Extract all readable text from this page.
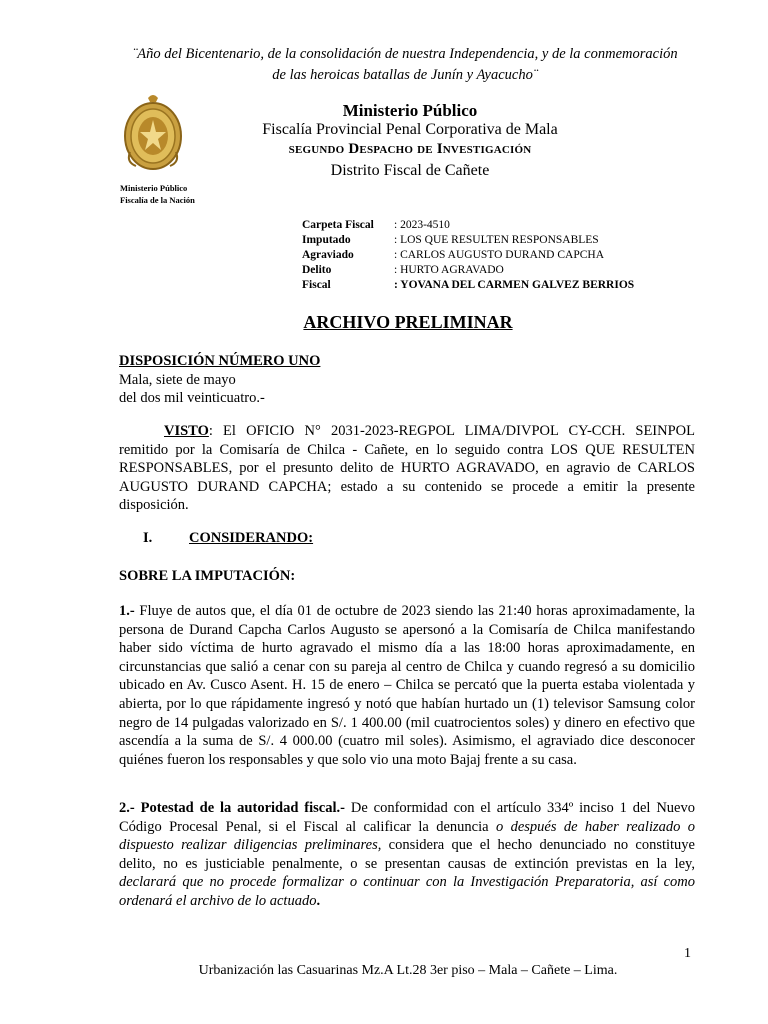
¨Año del Bicentenario, de la consolidación de nuestra Independencia, y de la conmemoración
de las heroicas batallas de Junín y Ayacucho¨
Ministerio Público
Fiscalía de la Nación
Ministerio Público
Fiscalía Provincial Penal Corporativa de Mala
segundo Despacho de Investigación
Distrito Fiscal de Cañete
Carpeta Fiscal	: 2023-4510
Imputado	: LOS QUE RESULTEN RESPONSABLES
Agraviado	: CARLOS AUGUSTO DURAND CAPCHA
Delito	: HURTO AGRAVADO
Fiscal	: YOVANA DEL CARMEN GALVEZ BERRIOS
ARCHIVO PRELIMINAR
DISPOSICIÓN NÚMERO UNO
Mala, siete de mayo
del dos mil veinticuatro.-
VISTO: El OFICIO N° 2031-2023-REGPOL LIMA/DIVPOL CY-CCH. SEINPOL remitido por la Comisaría de Chilca - Cañete, en lo seguido contra LOS QUE RESULTEN RESPONSABLES, por el presunto delito de HURTO AGRAVADO, en agravio de CARLOS AUGUSTO DURAND CAPCHA; estado a su contenido se procede a emitir la presente disposición.
I.	CONSIDERANDO:
SOBRE LA IMPUTACIÓN:
1.- Fluye de autos que, el día 01 de octubre de 2023 siendo las 21:40 horas aproximadamente, la persona de Durand Capcha Carlos Augusto se apersonó a la Comisaría de Chilca manifestando haber sido víctima de hurto agravado el mismo día a las 18:00 horas aproximadamente, en circunstancias que salió a cenar con su pareja al centro de Chilca y cuando regresó a su domicilio ubicado en Av. Cusco Asent. H. 15 de enero – Chilca se percató que la puerta estaba violentada y abierta, por lo que rápidamente ingresó y notó que habían hurtado un (1) televisor Samsung color negro de 14 pulgadas valorizado en S/. 1 400.00 (mil cuatrocientos soles) y dinero en efectivo que ascendía a la suma de S/. 4 000.00 (cuatro mil soles). Asimismo, el agraviado dice desconocer quiénes fueron los responsables y que solo vio una moto Bajaj frente a su casa.
2.- Potestad de la autoridad fiscal.- De conformidad con el artículo 334º inciso 1 del Nuevo Código Procesal Penal, si el Fiscal al calificar la denuncia o después de haber realizado o dispuesto realizar diligencias preliminares, considera que el hecho denunciado no constituye delito, no es justiciable penalmente, o se presentan causas de extinción previstas en la ley, declarará que no procede formalizar o continuar con la Investigación Preparatoria, así como ordenará el archivo de lo actuado.
1
Urbanización las Casuarinas Mz.A Lt.28 3er piso – Mala – Cañete – Lima.
